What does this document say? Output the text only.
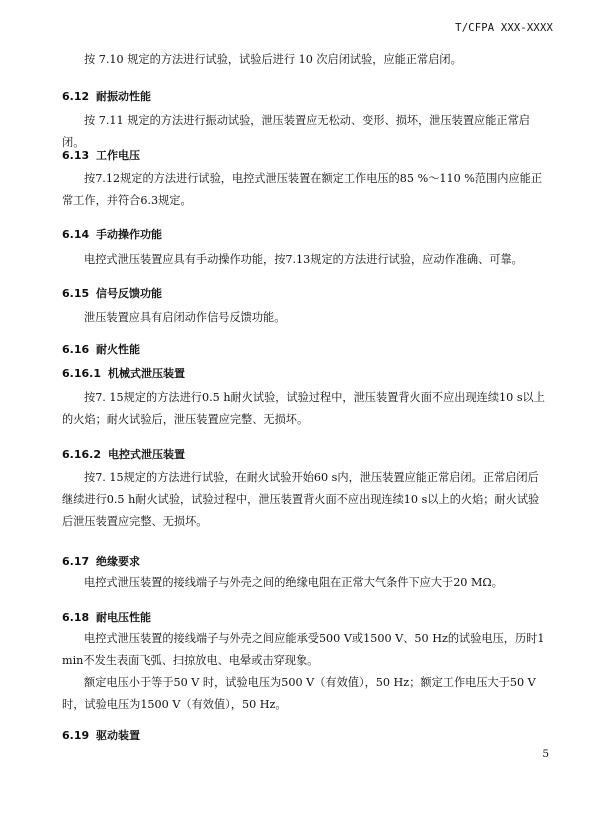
T/CFPA XXX-XXXX
按 7.10 规定的方法进行试验，试验后进行 10 次启闭试验，应能正常启闭。
6.12 耐振动性能
按 7.11 规定的方法进行振动试验，泄压装置应无松动、变形、损坏，泄压装置应能正常启闭。
6.13 工作电压
按7.12规定的方法进行试验，电控式泄压装置在额定工作电压的85 %～110 %范围内应能正常工作，并符合6.3规定。
6.14 手动操作功能
电控式泄压装置应具有手动操作功能，按7.13规定的方法进行试验，应动作准确、可靠。
6.15 信号反馈功能
泄压装置应具有启闭动作信号反馈功能。
6.16 耐火性能
6.16.1 机械式泄压装置
按7. 15规定的方法进行0.5 h耐火试验，试验过程中，泄压装置背火面不应出现连续10 s以上的火焰；耐火试验后，泄压装置应完整、无损坏。
6.16.2 电控式泄压装置
按7. 15规定的方法进行试验，在耐火试验开始60 s内，泄压装置应能正常启闭。正常启闭后继续进行0.5 h耐火试验，试验过程中，泄压装置背火面不应出现连续10 s以上的火焰；耐火试验后泄压装置应完整、无损坏。
6.17 绝缘要求
电控式泄压装置的接线端子与外壳之间的绝缘电阻在正常大气条件下应大于20 MΩ。
6.18 耐电压性能
电控式泄压装置的接线端子与外壳之间应能承受500 V或1500 V、50 Hz的试验电压，历时1 min不发生表面飞弧、扫掠放电、电晕或击穿现象。
额定电压小于等于50 V 时，试验电压为500 V（有效值），50 Hz；额定工作电压大于50 V 时，试验电压为1500 V（有效值），50 Hz。
6.19 驱动装置
5
